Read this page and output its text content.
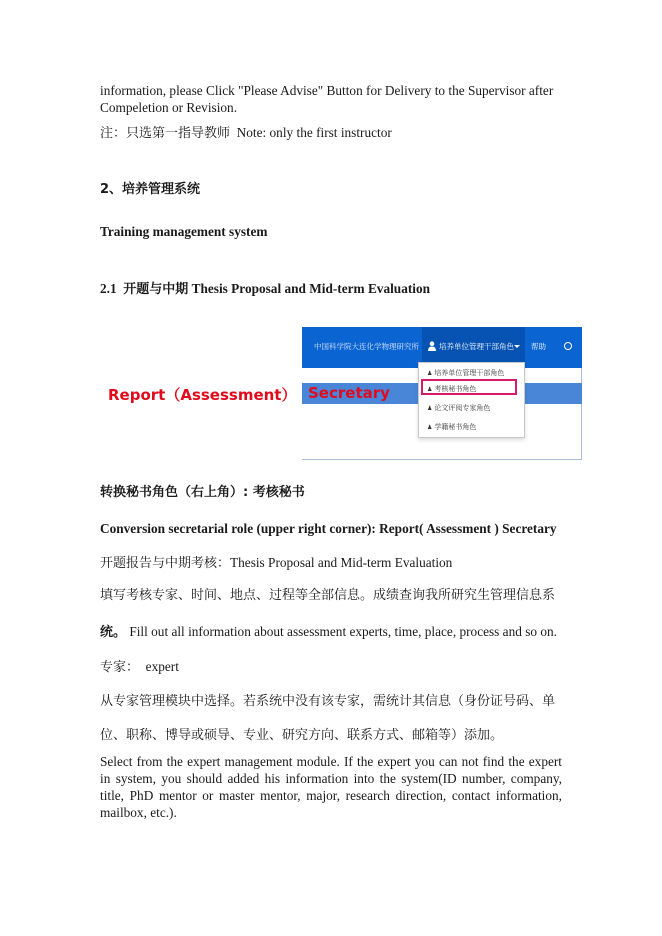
information, please Click "Please Advise" Button for Delivery to the Supervisor after
Compeletion or Revision.
注：只选第一指导教师 Note: only the first instructor
2、培养管理系统
Training management system
2.1 开题与中期 Thesis Proposal and Mid-term Evaluation
Report（Assessment）
中国科学院大连化学物理研究所	培养单位管理干部角色 帮助
♟ 培养单位管理干部角色
♟ 考核秘书角色
♟ 论文评阅专家角色
♟ 学籍秘书角色
Secretary
转换秘书角色（右上角）: 考核秘书
Conversion secretarial role (upper right corner): Report( Assessment ) Secretary
开题报告与中期考核：Thesis Proposal and Mid-term Evaluation
填写考核专家、时间、地点、过程等全部信息。成绩查询我所研究生管理信息系
统。 Fill out all information about assessment experts, time, place, process and so on.
专家： expert
从专家管理模块中选择。若系统中没有该专家，需统计其信息（身份证号码、单
位、职称、博导或硕导、专业、研究方向、联系方式、邮箱等）添加。
Select from the expert management module. If the expert you can not find the expert in system, you should added his information into the system(ID number, company, title, PhD mentor or master mentor, major, research direction, contact information, mailbox, etc.).
